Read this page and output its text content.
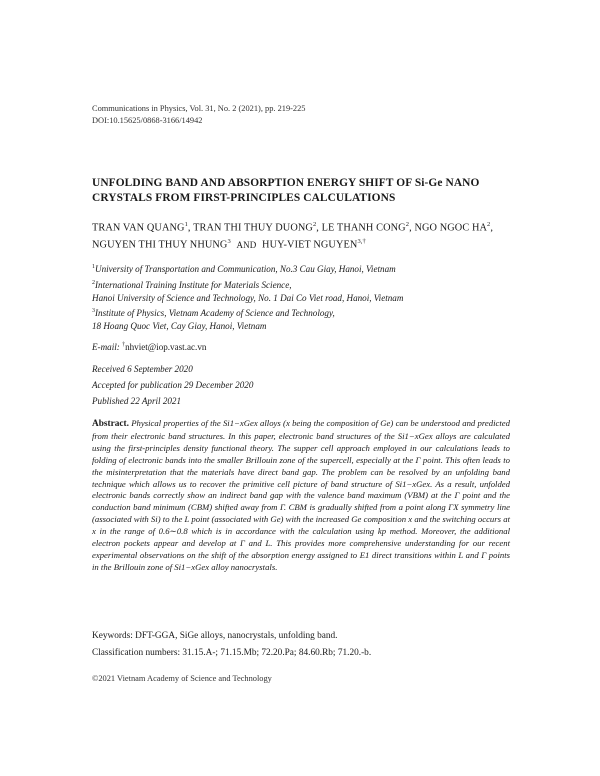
Communications in Physics, Vol. 31, No. 2 (2021), pp. 219-225
DOI:10.15625/0868-3166/14942
UNFOLDING BAND AND ABSORPTION ENERGY SHIFT OF Si-Ge NANO
CRYSTALS FROM FIRST-PRINCIPLES CALCULATIONS
TRAN VAN QUANG$^1$, TRAN THI THUY DUONG$^2$, LE THANH CONG$^2$, NGO NGOC $HA^2$,
NGUYEN THI THUY NHUNG$^3$ AND HUY-VIET $NGUYEN^{3,\dagger}$
$^1$University of Transportation and Communication, No.3 Cau Giay, Hanoi, Vietnam
$^2$International Training Institute for Materials Science,
Hanoi University of Science and Technology, No. 1 Dai Co Viet road, Hanoi, Vietnam
$^3$Institute of Physics, Vietnam Academy of Science and Technology,
18 Hoang Quoc Viet, Cay Giay, Hanoi, Vietnam
E-mail: †nhviet@iop.vast.ac.vn
Received 6 September 2020
Accepted for publication 29 December 2020
Published 22 April 2021
Abstract. Physical properties of the Si1−xGex alloys (x being the composition of Ge) can be understood and predicted from their electronic band structures. In this paper, electronic band structures of the Si1−xGex alloys are calculated using the first-principles density functional theory. The supper cell approach employed in our calculations leads to folding of electronic bands into the smaller Brillouin zone of the supercell, especially at the Γ point. This often leads to the misinterpretation that the materials have direct band gap. The problem can be resolved by an unfolding band technique which allows us to recover the primitive cell picture of band structure of Si1−xGex. As a result, unfolded electronic bands correctly show an indirect band gap with the valence band maximum (VBM) at the Γ point and the conduction band minimum (CBM) shifted away from Γ. CBM is gradually shifted from a point along ΓX symmetry line (associated with Si) to the L point (associated with Ge) with the increased Ge composition x and the switching occurs at x in the range of 0.6∼0.8 which is in accordance with the calculation using kp method. Moreover, the additional electron pockets appear and develop at Γ and L. This provides more comprehensive understanding for our recent experimental observations on the shift of the absorption energy assigned to E1 direct transitions within L and Γ points in the Brillouin zone of Si1−xGex alloy nanocrystals.
Keywords: DFT-GGA, SiGe alloys, nanocrystals, unfolding band.
Classification numbers: 31.15.A-; 71.15.Mb; 72.20.Pa; 84.60.Rb; 71.20.-b.
©2021 Vietnam Academy of Science and Technology
